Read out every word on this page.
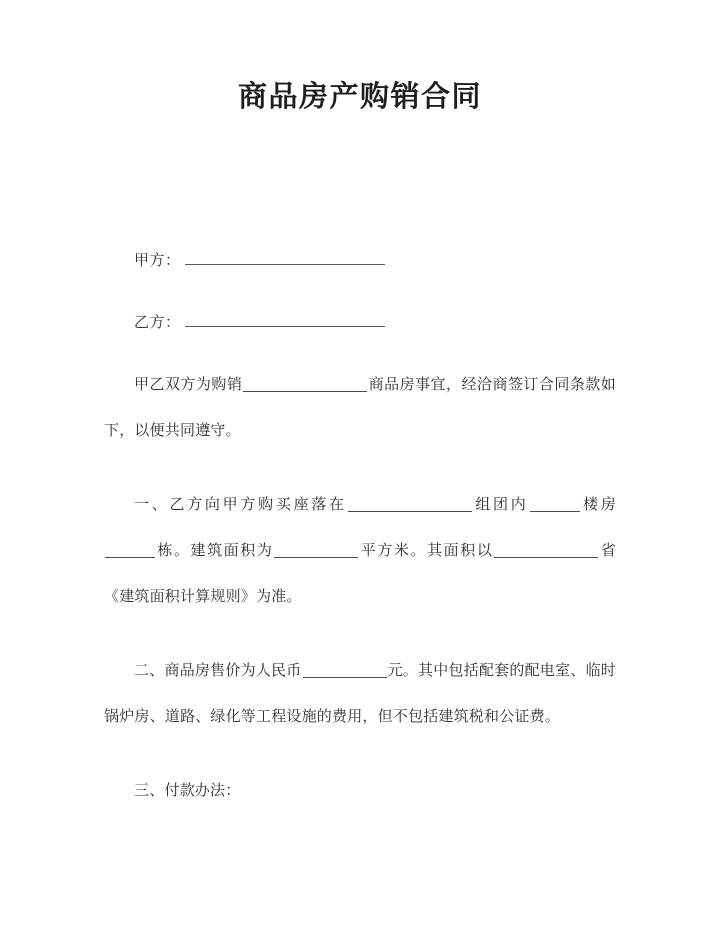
商品房产购销合同
甲方：
乙方：

甲乙双方为购销	商品房事宜，经洽商签订合同条款如下，以便共同遵守。

一、乙方向甲方购买座落在	组团内	楼房栋。建筑面积为	平方米。其面积以	省《建筑面积计算规则》为准。

二、商品房售价为人民币	元。其中包括配套的配电室、临时锅炉房、道路、绿化等工程设施的费用，但不包括建筑税和公证费。

三、付款办法：
